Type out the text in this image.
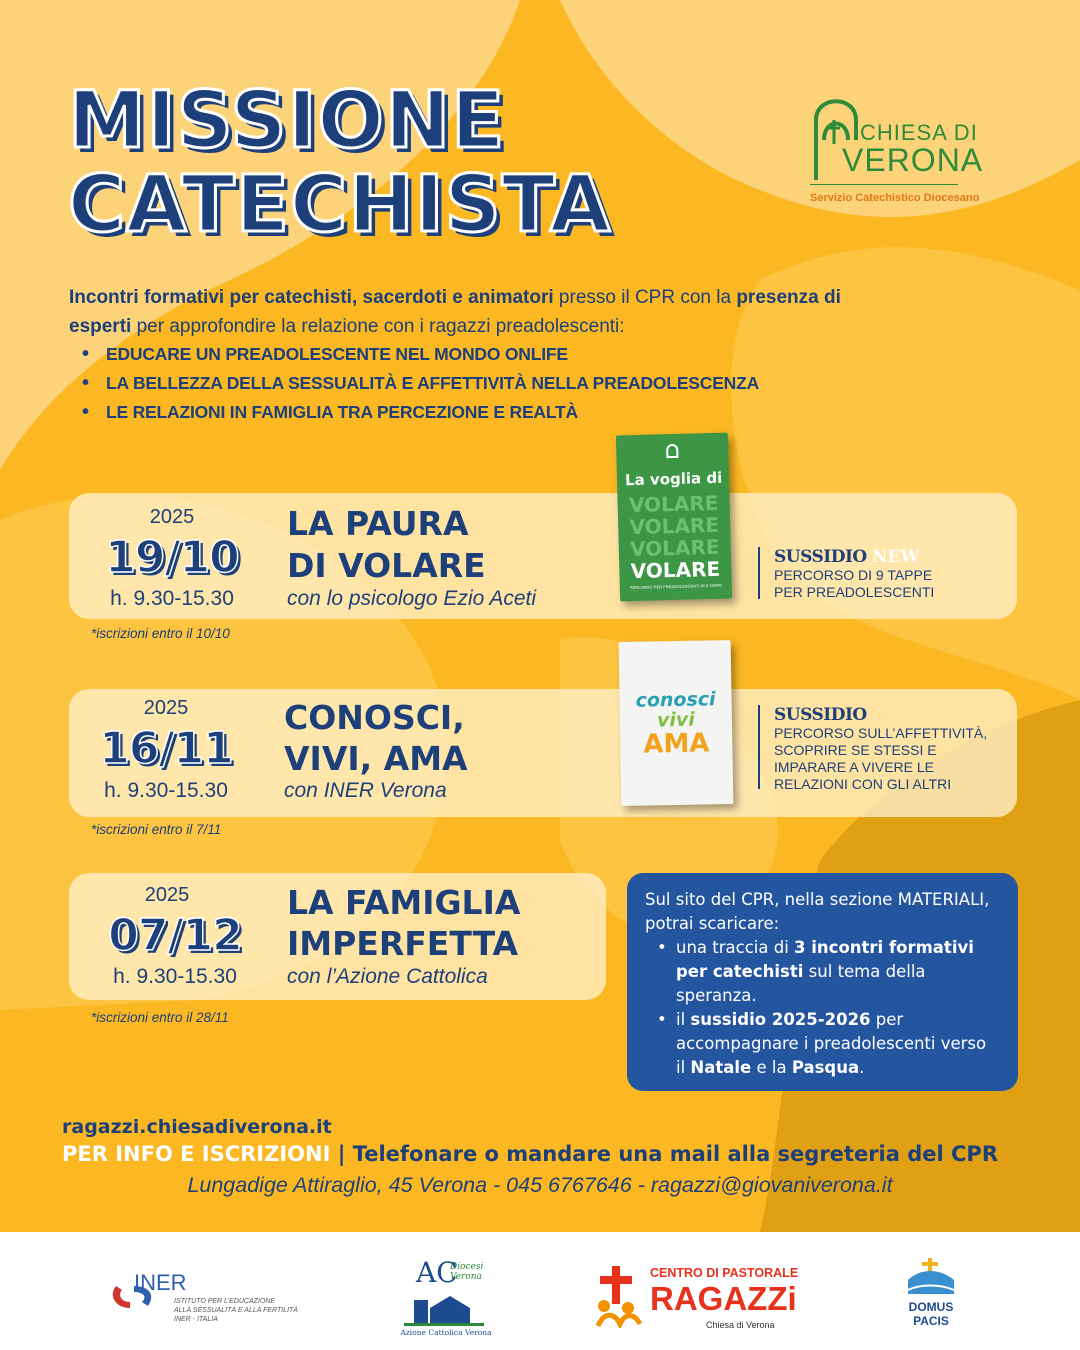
MISSIONE
CATECHISTA
CHIESA DI
VERONA
Servizio Catechistico Diocesano
Incontri formativi per catechisti, sacerdoti e animatori presso il CPR con la presenza di esperti per approfondire la relazione con i ragazzi preadolescenti:
• EDUCARE UN PREADOLESCENTE NEL MONDO ONLIFE
• LA BELLEZZA DELLA SESSUALITÀ E AFFETTIVITÀ NELLA PREADOLESCENZA
• LE RELAZIONI IN FAMIGLIA TRA PERCEZIONE E REALTÀ
2025
19/10
h. 9.30-15.30
LA PAURA
DI VOLARE
con lo psicologo Ezio Aceti
*iscrizioni entro il 10/10
2025
16/11
h. 9.30-15.30
CONOSCI,
VIVI, AMA
con INER Verona
*iscrizioni entro il 7/11
2025
07/12
h. 9.30-15.30
LA FAMIGLIA
IMPERFETTA
con l’Azione Cattolica
*iscrizioni entro il 28/11
La voglia di
VOLARE
VOLARE
VOLARE
VOLARE
PERCORSO PER PREADOLESCENTI IN 9 TAPPE
conosci
vivi
AMA
SUSSIDIO NEW
PERCORSO DI 9 TAPPE
PER PREADOLESCENTI
SUSSIDIO
PERCORSO SULL’AFFETTIVITÀ,
SCOPRIRE SE STESSI E
IMPARARE A VIVERE LE
RELAZIONI CON GLI ALTRI
Sul sito del CPR, nella sezione MATERIALI, potrai scaricare:
• una traccia di 3 incontri formativi per catechisti sul tema della speranza.
• il sussidio 2025-2026 per accompagnare i preadolescenti verso il Natale e la Pasqua.
ragazzi.chiesadiverona.it
PER INFO E ISCRIZIONI | Telefonare o mandare una mail alla segreteria del CPR
Lungadige Attiraglio, 45 Verona - 045 6767646 - ragazzi@giovaniverona.it
INER
ISTITUTO PER L’EDUCAZIONE
ALLA SESSUALITÀ E ALLA FERTILITÀ
INER - ITALIA
AC
Diocesi Verona
Azione Cattolica Verona
CENTRO DI PASTORALE
RAGAZZi
Chiesa di Verona
DOMUS
PACIS
